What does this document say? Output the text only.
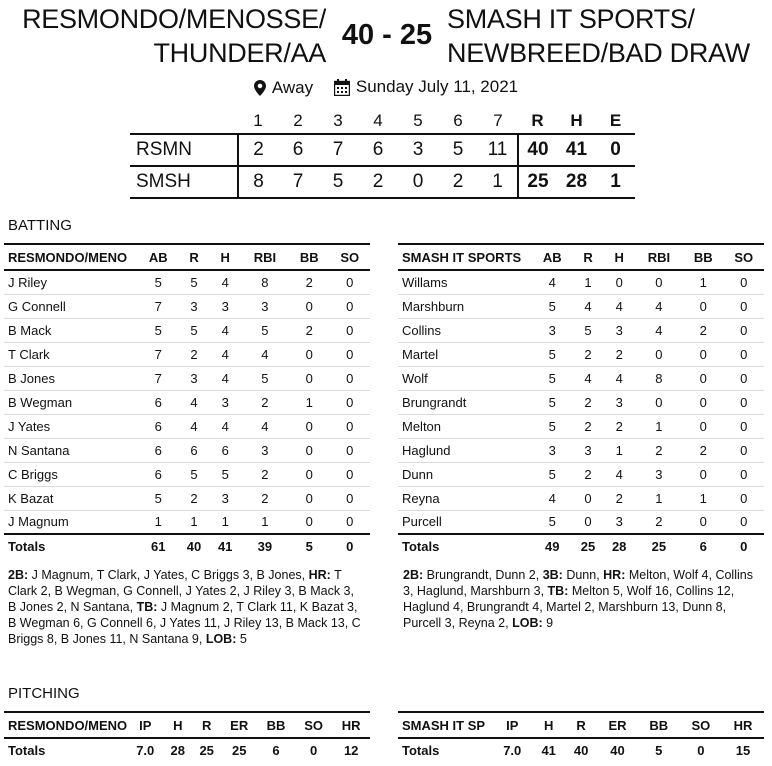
RESMONDO/MENOSSE/ THUNDER/AA
40 - 25 SMASH IT SPORTS/ NEWBREED/BAD DRAW
Away
	Sunday July 11, 2021
	1	2	3	4	5	6	7	R	H	E
RSMN	2	6	7	6	3	5	11	40	41	0
SMSH	8	7	5	2	0	2	1	25	28	1
BATTING
RESMONDO/MENO	AB	R	H	RBI	BB	SO
J Riley	5	5	4	8	2	0
G Connell	7	3	3	3	0	0
B Mack	5	5	4	5	2	0
T Clark	7	2	4	4	0	0
B Jones	7	3	4	5	0	0
B Wegman	6	4	3	2	1	0
J Yates	6	4	4	4	0	0
N Santana	6	6	6	3	0	0
C Briggs	6	5	5	2	0	0
K Bazat	5	2	3	2	0	0
J Magnum	1	1	1	1	0	0
Totals	61	40	41	39	5	0
SMASH IT SPORTS	AB	R	H	RBI	BB	SO
Willams	4	1	0	0	1	0
Marshburn	5	4	4	4	0	0
Collins	3	5	3	4	2	0
Martel	5	2	2	0	0	0
Wolf	5	4	4	8	0	0
Brungrandt	5	2	3	0	0	0
Melton	5	2	2	1	0	0
Haglund	3	3	1	2	2	0
Dunn	5	2	4	3	0	0
Reyna	4	0	2	1	1	0
Purcell	5	0	3	2	0	0
Totals	49	25	28	25	6	0
2B: J Magnum, T Clark, J Yates, C Briggs 3, B Jones, HR: T Clark 2, B Wegman, G Connell, J Yates 2, J Riley 3, B Mack 3, B Jones 2, N Santana, TB: J Magnum 2, T Clark 11, K Bazat 3, B Wegman 6, G Connell 6, J Yates 11, J Riley 13, B Mack 13, C Briggs 8, B Jones 11, N Santana 9, LOB: 5
2B: Brungrandt, Dunn 2, 3B: Dunn, HR: Melton, Wolf 4, Collins 3, Haglund, Marshburn 3, TB: Melton 5, Wolf 16, Collins 12, Haglund 4, Brungrandt 4, Martel 2, Marshburn 13, Dunn 8, Purcell 3, Reyna 2, LOB: 9
PITCHING
RESMONDO/MENO	IP	H	R	ER	BB	SO	HR
Totals	7.0	28	25	25	6	0	12
SMASH IT SP	IP	H	R	ER	BB	SO	HR
Totals	7.0	41	40	40	5	0	15
